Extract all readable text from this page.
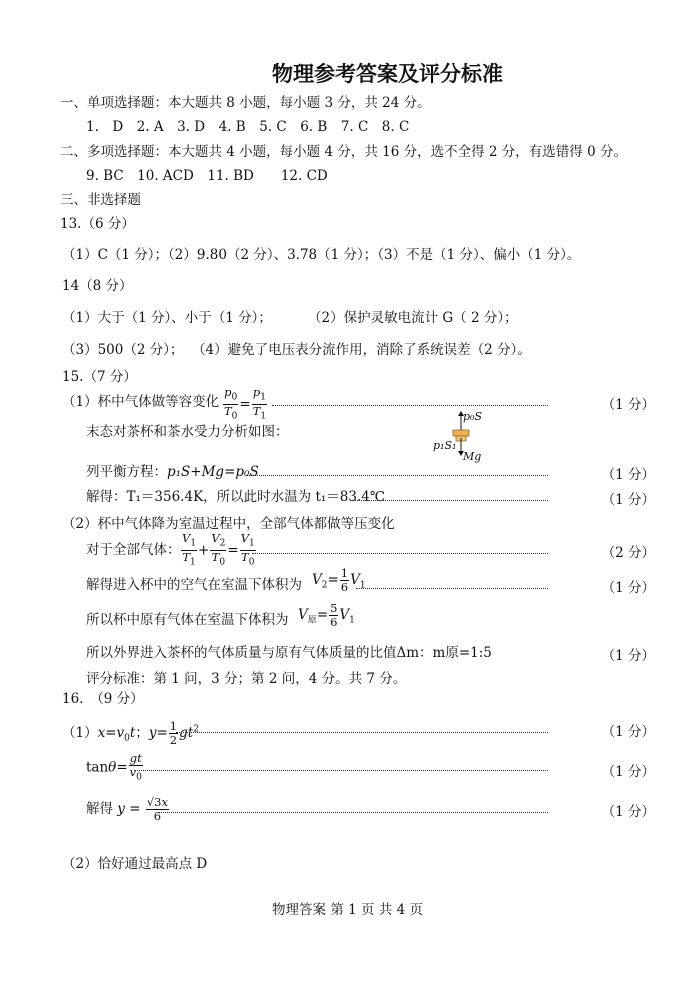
物理参考答案及评分标准
一、单项选择题：本大题共 8 小题，每小题 3 分，共 24 分。
1.　D　2. A　3. D　4. B　5. C　6. B　7. C　8. C
二、多项选择题：本大题共 4 小题，每小题 4 分，共 16 分，选不全得 2 分，有选错得 0 分。
9. BC　10. ACD　11. BD　　12. CD
三、非选择题
13.（6 分）
（1）C（1 分）；（2）9.80（2 分）、3.78（1 分）；（3）不是（1 分）、偏小（1 分）。
14（8 分）
（1）大于（1 分）、小于（1 分）；	（2）保护灵敏电流计 G（ 2 分）；
（3）500（2 分）； （4）避免了电压表分流作用，消除了系统误差（2 分）。
15.（7 分）
（1）杯中气体做等容变化 $\frac{p_0}{T_0} = \frac{p_1}{T_1}$	（1 分）
末态对茶杯和茶水受力分析如图：
p₀S
p₁S₁
Mg
列平衡方程：p₁S+Mg=p₀S	（1 分）
解得：T₁＝356.4K，所以此时水温为 t₁＝83.4℃	（1 分）
（2）杯中气体降为室温过程中，全部气体都做等压变化
对于全部气体： $\frac{V_1}{T_1} + \frac{V_2}{T_0} = \frac{V_1}{T_0}$	（2 分）
解得进入杯中的空气在室温下体积为 $V_2= \frac{1}{6} V_1$	（1 分）
所以杯中原有气体在室温下体积为 $V_原= \frac{5}{6} V_1$
所以外界进入茶杯的气体质量与原有气体质量的比值Δm：m原=1:5	（1 分）
评分标准：第 1 问，3 分；第 2 问，4 分。共 7 分。
16.　（9 分）
$(1)x=v_0t$；$y= \frac{1}{2} gt^2$	（1 分）
$\tan\theta= \frac{gt}{v_0}$	（1 分）
解得 $y = \frac{√3x}{6}$	（1 分）
（2）恰好通过最高点 D
物理答案 第 1 页 共 4 页
